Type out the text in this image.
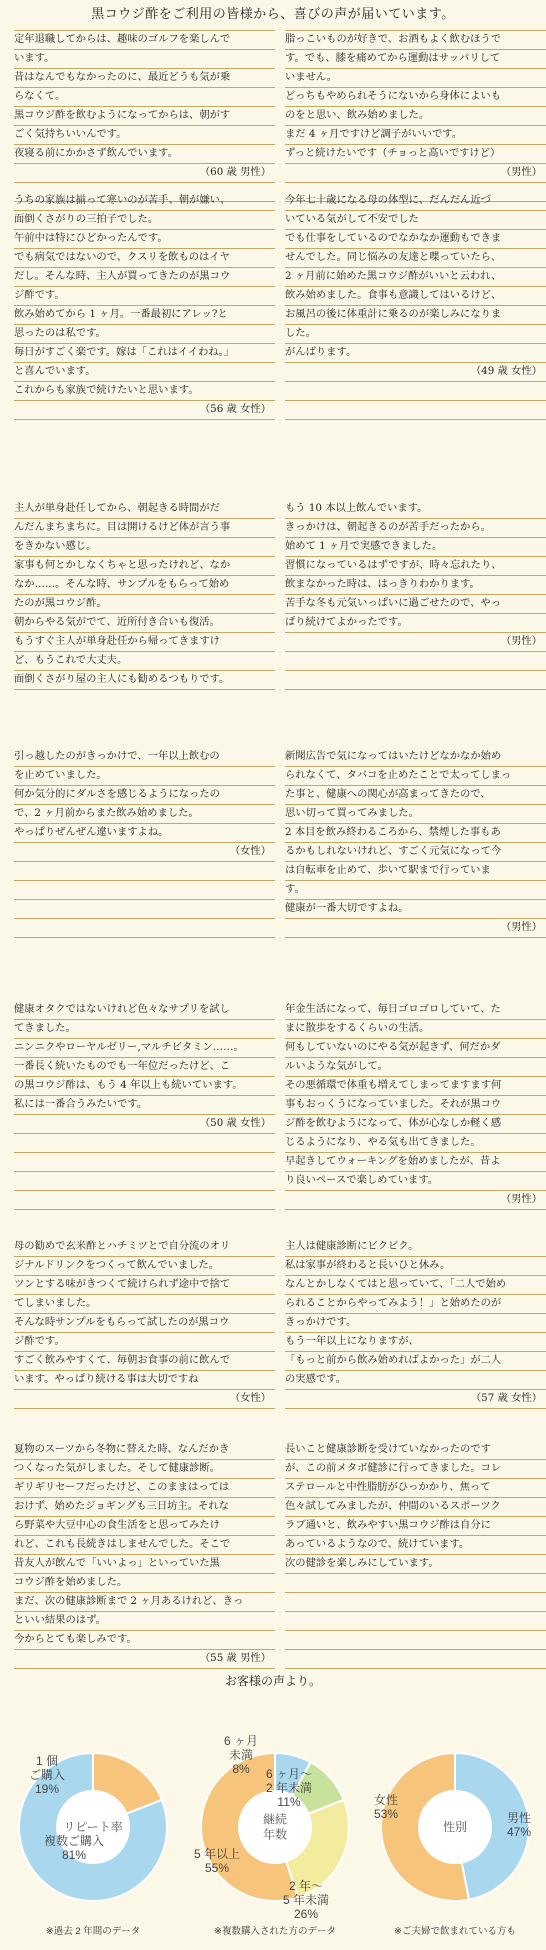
黒コウジ酢をご利用の皆様から、喜びの声が届いています。
定年退職してからは、趣味のゴルフを楽しんで
います。
昔はなんでもなかったのに、最近どうも気が乗
らなくて。
黒コウジ酢を飲むようになってからは、朝がす
ごく気持ちいいんです。
夜寝る前にかかさず飲んでいます。
（60 歳 男性）
脂っこいものが好きで、お酒もよく飲むほうで
す。でも、膝を痛めてから運動はサッパリして
いません。
どっちもやめられそうにないから身体によいも
のをと思い、飲み始めました。
まだ 4 ヶ月ですけど調子がいいです。
ずっと続けたいです（チョっと高いですけど）
（男性）
うちの家族は揃って寒いのが苦手、朝が嫌い、
面倒くさがりの三拍子でした。
午前中は特にひどかったんです。
でも病気ではないので、クスリを飲ものはイヤ
だし。そんな時、主人が買ってきたのが黒コウ
ジ酢です。
飲み始めてから 1 ヶ月。一番最初にアレッ?と
思ったのは私です。
毎日がすごく楽です。嫁は「これはイイわね。」
と喜んでいます。
これからも家族で続けたいと思います。
（56 歳 女性）
今年七十歳になる母の体型に、だんだん近づ
いている気がして不安でした
でも仕事をしているのでなかなか運動もできま
せんでした。同じ悩みの友達と喋っていたら、
2 ヶ月前に始めた黒コウジ酢がいいと云われ、
飲み始めました。食事も意識してはいるけど、
お風呂の後に体重計に乗るのが楽しみになりま
した。
がんばります。
（49 歳 女性）
主人が単身赴任してから、朝起きる時間がだ
んだんまちまちに。目は開けるけど体が言う事
をきかない感じ。
家事も何とかしなくちゃと思ったけれど、なか
なか……。そんな時、サンプルをもらって始め
たのが黒コウジ酢。
朝からやる気がでて、近所付き合いも復活。
もうすぐ主人が単身赴任から帰ってきますけ
ど、もうこれで大丈夫。
面倒くさがり屋の主人にも勧めるつもりです。
もう 10 本以上飲んでいます。
きっかけは、朝起きるのが苦手だったから。
始めて 1 ヶ月で実感できました。
習慣になっているはずですが、時々忘れたり、
飲まなかった時は、はっきりわかります。
苦手な冬も元気いっぱいに過ごせたので、やっ
ぱり続けてよかったです。
（男性）
引っ越したのがきっかけで、一年以上飲むの
を止めていました。
何か気分的にダルさを感じるようになったの
で、2 ヶ月前からまた飲み始めました。
やっぱりぜんぜん違いますよね。
（女性）
新聞広告で気になってはいたけどなかなか始め
られなくて、タバコを止めたことで太ってしまっ
た事と、健康への関心が高まってきたので、
思い切って買ってみました。
2 本目を飲み終わるころから、禁煙した事もあ
るかもしれないけれど、すごく元気になって今
は自転車を止めて、歩いて駅まで行っていま
す。
健康が一番大切ですよね。
（男性）
健康オタクではないけれど色々なサプリを試し
てきました。
ニンニクやローヤルゼリー,マルチビタミン……。
一番長く続いたものでも一年位だったけど、こ
の黒コウジ酢は、もう 4 年以上も続いています。
私には一番合うみたいです。
（50 歳 女性）
年金生活になって、毎日ゴロゴロしていて、た
まに散歩をするくらいの生活。
何もしていないのにやる気が起きず、何だかダ
ルいような気がして。
その悪循環で体重も増えてしまってますます何
事もおっくうになっていました。それが黒コウ
ジ酢を飲むようになって、体が心なしか軽く感
じるようになり、やる気も出てきました。
早起きしてウォーキングを始めましたが、昔よ
り良いペースで楽しめています。
（男性）
母の勧めで玄米酢とハチミツとで自分流のオリ
ジナルドリンクをつくって飲んでいました。
ツンとする味がきつくて続けられず途中で捨て
てしまいました。
そんな時サンプルをもらって試したのが黒コウ
ジ酢です。
すごく飲みやすくて、毎朝お食事の前に飲んで
います。やっぱり続ける事は大切ですね
（女性）
主人は健康診断にビクビク。
私は家事が終わると長いひと休み。
なんとかしなくてはと思っていて、「二人で始め
られることからやってみよう！」と始めたのが
きっかけです。
もう一年以上になりますが、
「もっと前から飲み始めればよかった」が二人
の実感です。
（57 歳 女性）
夏物のスーツから冬物に替えた時、なんだかき
つくなった気がしました。そして健康診断。
ギリギリセーフだったけど、このままはっては
おけず、始めたジョギングも三日坊主。それな
ら野菜や大豆中心の食生活をと思ってみたけ
れど、これも長続きはしませんでした。そこで
昔友人が飲んで「いいよっ」といっていた黒
コウジ酢を始めました。
まだ、次の健康診断まで 2 ヶ月あるけれど、きっ
といい結果のはず。
今からとても楽しみです。
（55 歳 男性）
長いこと健康診断を受けていなかったのです
が、この前メタボ健診に行ってきました。コレ
ステロールと中性脂肪がひっかかり、焦って
色々試してみましたが、仲間のいるスポーツク
ラブ通いと、飲みやすい黒コウジ酢は自分に
あっているようなので、続けています。
次の健診を楽しみにしています。
お客様の声より。
リピート率
1 個
ご購入
19%
複数ご購入
81%
※過去 2 年間のデータ
継続
年数
6 ヶ月
未満
8% 6 ヶ月〜
2 年未満
11%
2 年〜
5 年未満
26%
5 年以上
55%
※複数購入された方のデータ
性別
男性
47%
女性
53%
※ご夫婦で飲まれている方も
